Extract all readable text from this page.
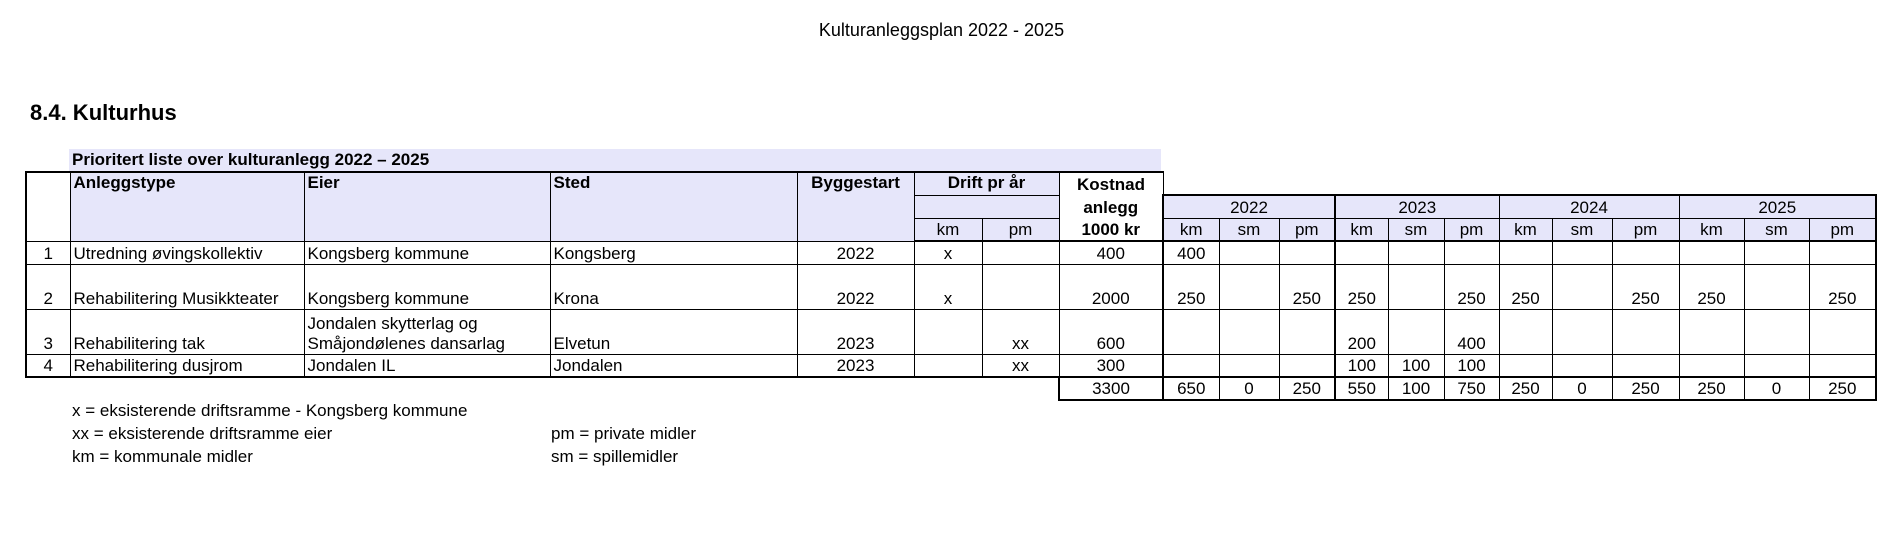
Kulturanleggsplan 2022 - 2025
8.4. Kulturhus
Prioritert liste over kulturanlegg 2022 – 2025
	Anleggstype	Eier	Sted	Byggestart	Drift pr år		Kostnad												
							anlegg	2022			2023			2024			2025		
					km	pm	1000 kr	km	sm	pm	km	sm	pm	km	sm	pm	km	sm	pm
1	Utredning øvingskollektiv	Kongsberg kommune	Kongsberg	2022	x		400	400											
2	Rehabilitering Musikkteater	Kongsberg kommune	Krona	2022	x		2000	250		250	250		250	250		250	250		250
3	Rehabilitering tak	Jondalen skytterlag og
Småjondølenes dansarlag	Elvetun	2023		xx	600				200		400						
4	Rehabilitering dusjrom	Jondalen IL	Jondalen	2023		xx	300				100	100	100						
							3300	650	0	250	550	100	750	250	0	250	250	0	250
x = eksisterende driftsramme - Kongsberg kommune
xx = eksisterende driftsramme eier
km = kommunale midler
pm = private midler
sm = spillemidler
